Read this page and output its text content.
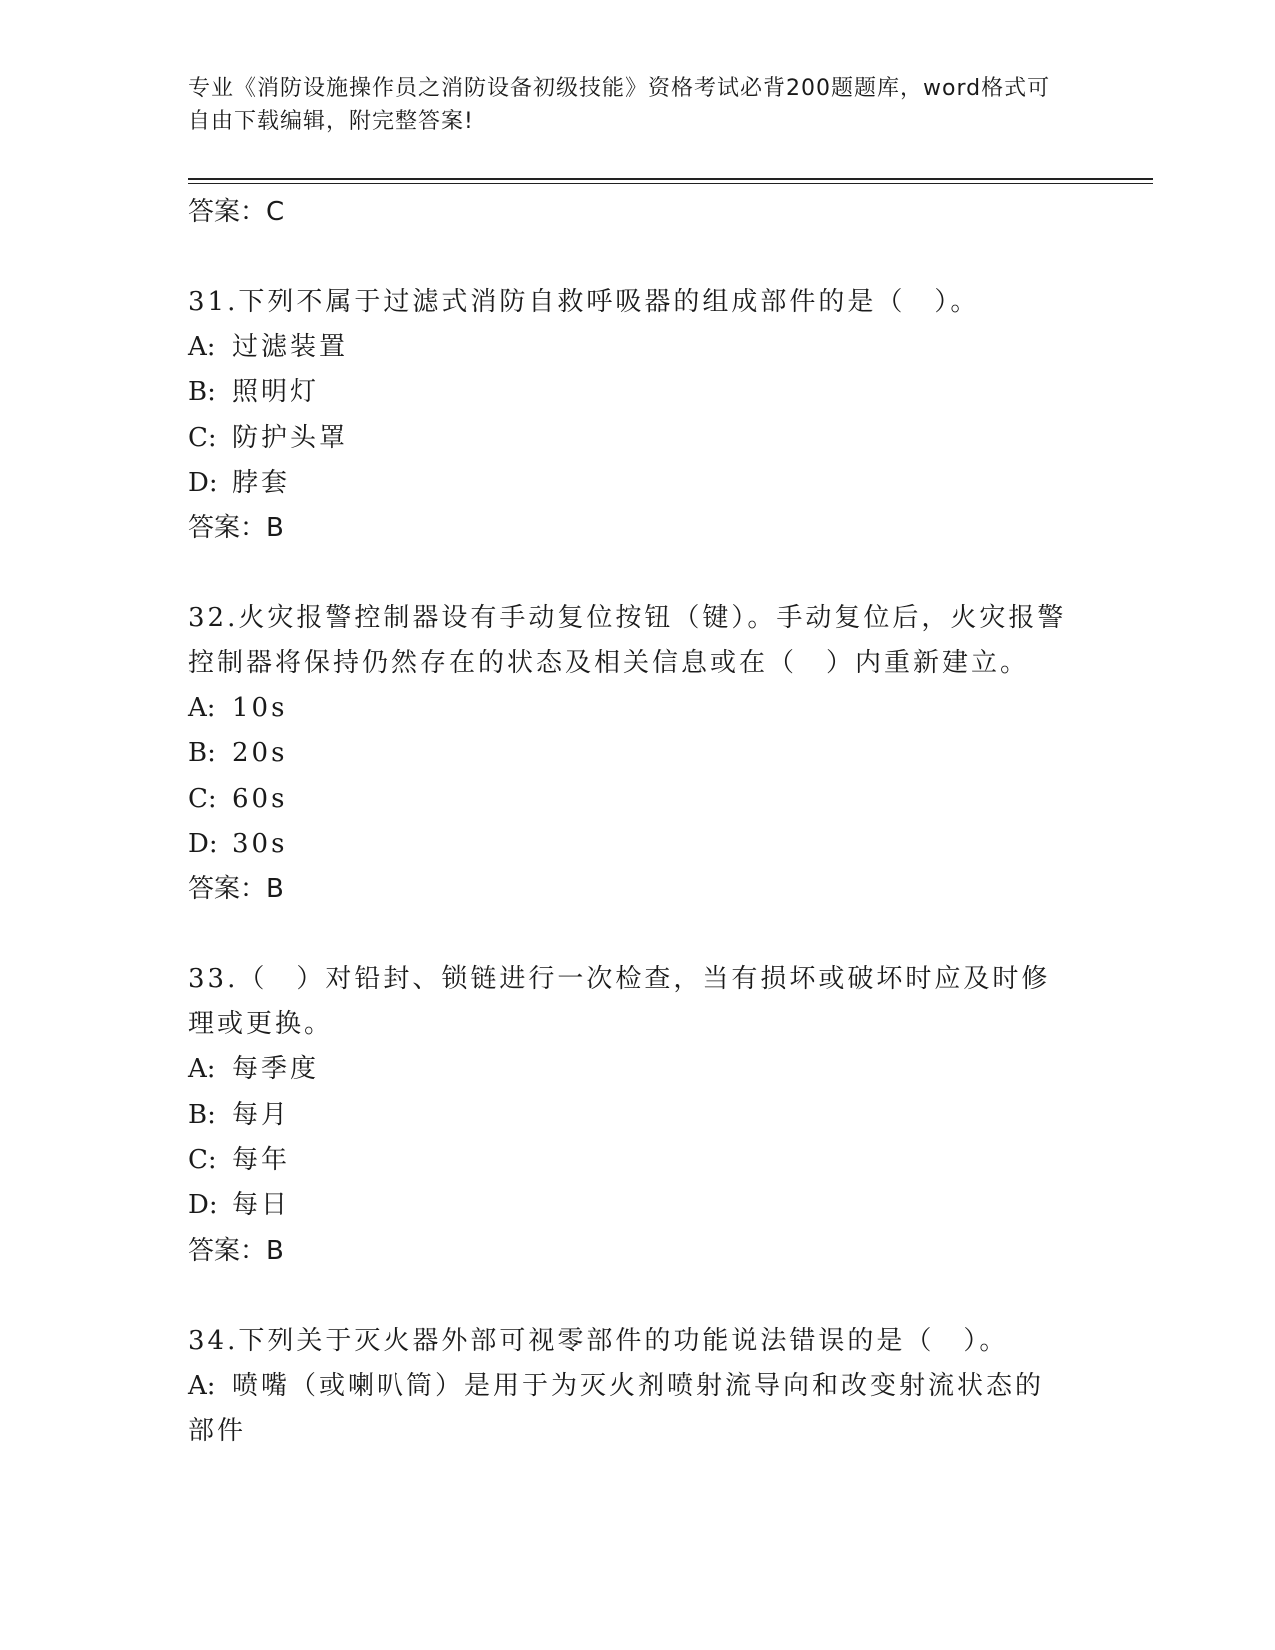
专业《消防设施操作员之消防设备初级技能》资格考试必背200题题库，word格式可自由下载编辑，附完整答案!
答案：C
31.下列不属于过滤式消防自救呼吸器的组成部件的是（　）。
A: 过滤装置
B: 照明灯
C: 防护头罩
D: 脖套
答案：B
32.火灾报警控制器设有手动复位按钮（键）。手动复位后，火灾报警控制器将保持仍然存在的状态及相关信息或在（　）内重新建立。
A: 10s
B: 20s
C: 60s
D: 30s
答案：B
33.（　）对铅封、锁链进行一次检查，当有损坏或破坏时应及时修理或更换。
A: 每季度
B: 每月
C: 每年
D: 每日
答案：B
34.下列关于灭火器外部可视零部件的功能说法错误的是（　）。
A: 喷嘴（或喇叭筒）是用于为灭火剂喷射流导向和改变射流状态的部件
